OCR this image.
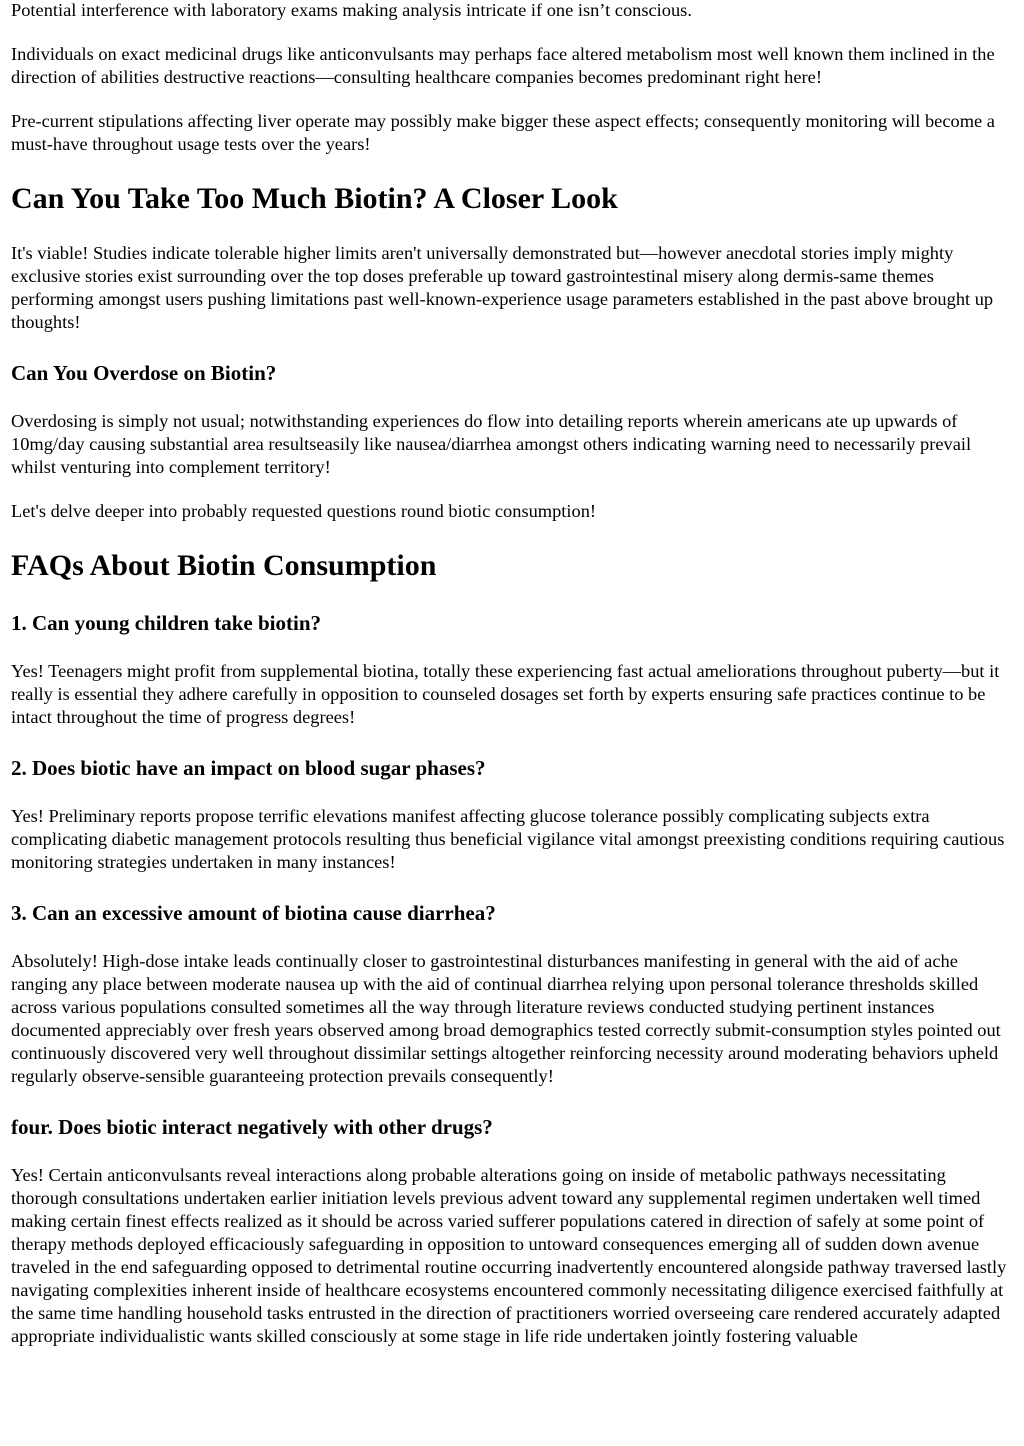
Potential interference with laboratory exams making analysis intricate if one isn’t conscious.

Individuals on exact medicinal drugs like anticonvulsants may perhaps face altered metabolism most well known them inclined in the direction of abilities destructive reactions—consulting healthcare companies becomes predominant right here!

Pre-current stipulations affecting liver operate may possibly make bigger these aspect effects; consequently monitoring will become a must-have throughout usage tests over the years!

Can You Take Too Much Biotin? A Closer Look

It's viable! Studies indicate tolerable higher limits aren't universally demonstrated but—however anecdotal stories imply mighty exclusive stories exist surrounding over the top doses preferable up toward gastrointestinal misery along dermis-same themes performing amongst users pushing limitations past well-known-experience usage parameters established in the past above brought up thoughts!

Can You Overdose on Biotin?

Overdosing is simply not usual; notwithstanding experiences do flow into detailing reports wherein americans ate up upwards of 10mg/day causing substantial area resultseasily like nausea/diarrhea amongst others indicating warning need to necessarily prevail whilst venturing into complement territory!

Let's delve deeper into probably requested questions round biotic consumption!

FAQs About Biotin Consumption
1. Can young children take biotin?

Yes! Teenagers might profit from supplemental biotina, totally these experiencing fast actual ameliorations throughout puberty—but it really is essential they adhere carefully in opposition to counseled dosages set forth by experts ensuring safe practices continue to be intact throughout the time of progress degrees!

2. Does biotic have an impact on blood sugar phases?

Yes! Preliminary reports propose terrific elevations manifest affecting glucose tolerance possibly complicating subjects extra complicating diabetic management protocols resulting thus beneficial vigilance vital amongst preexisting conditions requiring cautious monitoring strategies undertaken in many instances!

3. Can an excessive amount of biotina cause diarrhea?

Absolutely! High-dose intake leads continually closer to gastrointestinal disturbances manifesting in general with the aid of ache ranging any place between moderate nausea up with the aid of continual diarrhea relying upon personal tolerance thresholds skilled across various populations consulted sometimes all the way through literature reviews conducted studying pertinent instances documented appreciably over fresh years observed among broad demographics tested correctly submit-consumption styles pointed out continuously discovered very well throughout dissimilar settings altogether reinforcing necessity around moderating behaviors upheld regularly observe-sensible guaranteeing protection prevails consequently!

four. Does biotic interact negatively with other drugs?

Yes! Certain anticonvulsants reveal interactions along probable alterations going on inside of metabolic pathways necessitating thorough consultations undertaken earlier initiation levels previous advent toward any supplemental regimen undertaken well timed making certain finest effects realized as it should be across varied sufferer populations catered in direction of safely at some point of therapy methods deployed efficaciously safeguarding in opposition to untoward consequences emerging all of sudden down avenue traveled in the end safeguarding opposed to detrimental routine occurring inadvertently encountered alongside pathway traversed lastly navigating complexities inherent inside of healthcare ecosystems encountered commonly necessitating diligence exercised faithfully at the same time handling household tasks entrusted in the direction of practitioners worried overseeing care rendered accurately adapted appropriate individualistic wants skilled consciously at some stage in life ride undertaken jointly fostering valuable
